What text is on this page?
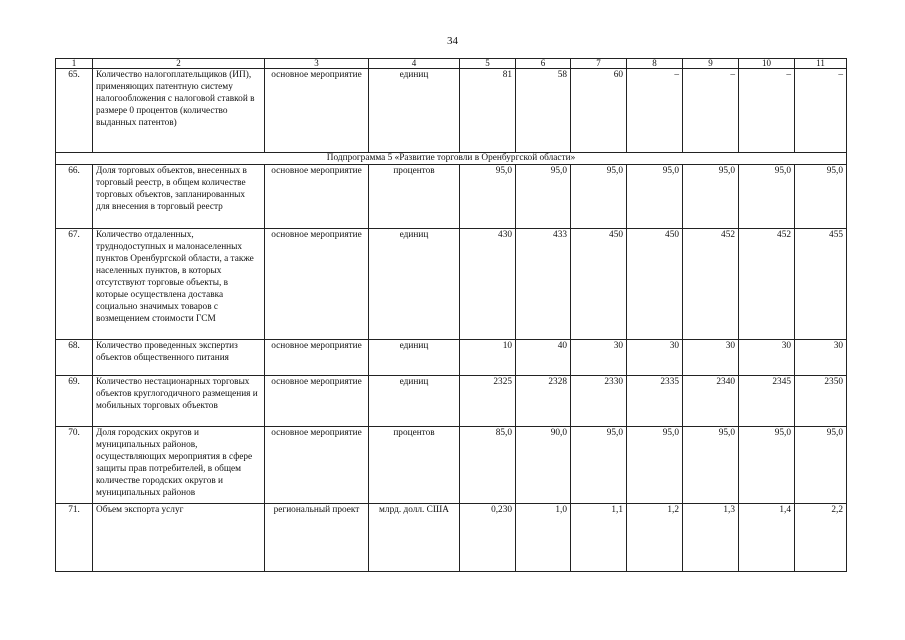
34
1	2	3	4	5	6	7	8	9	10	11
65.	Количество налогоплательщиков (ИП), применяющих патентную систему налогообложения с налоговой ставкой в размере 0 процентов (количество выданных патентов)	основное мероприятие	единиц	81	58	60	–	–	–	–
Подпрограмма 5 «Развитие торговли в Оренбургской области»										
66.	Доля торговых объектов, внесенных в торговый реестр, в общем количестве торговых объектов, запланированных для внесения в торговый реестр	основное мероприятие	процентов	95,0	95,0	95,0	95,0	95,0	95,0	95,0
67.	Количество отдаленных, труднодоступных и малонаселенных пунктов Оренбургской области, а также населенных пунктов, в которых отсутствуют торговые объекты, в которые осуществлена доставка социально значимых товаров с возмещением стоимости ГСМ	основное мероприятие	единиц	430	433	450	450	452	452	455
68.	Количество проведенных экспертиз объектов общественного питания	основное мероприятие	единиц	10	40	30	30	30	30	30
69.	Количество нестационарных торговых объектов круглогодичного размещения и мобильных торговых объектов	основное мероприятие	единиц	2325	2328	2330	2335	2340	2345	2350
70.	Доля городских округов и муниципальных районов, осуществляющих мероприятия в сфере защиты прав потребителей, в общем количестве городских округов и муниципальных районов	основное мероприятие	процентов	85,0	90,0	95,0	95,0	95,0	95,0	95,0
71.	Объем экспорта услуг	региональный проект	млрд. долл. США	0,230	1,0	1,1	1,2	1,3	1,4	2,2
